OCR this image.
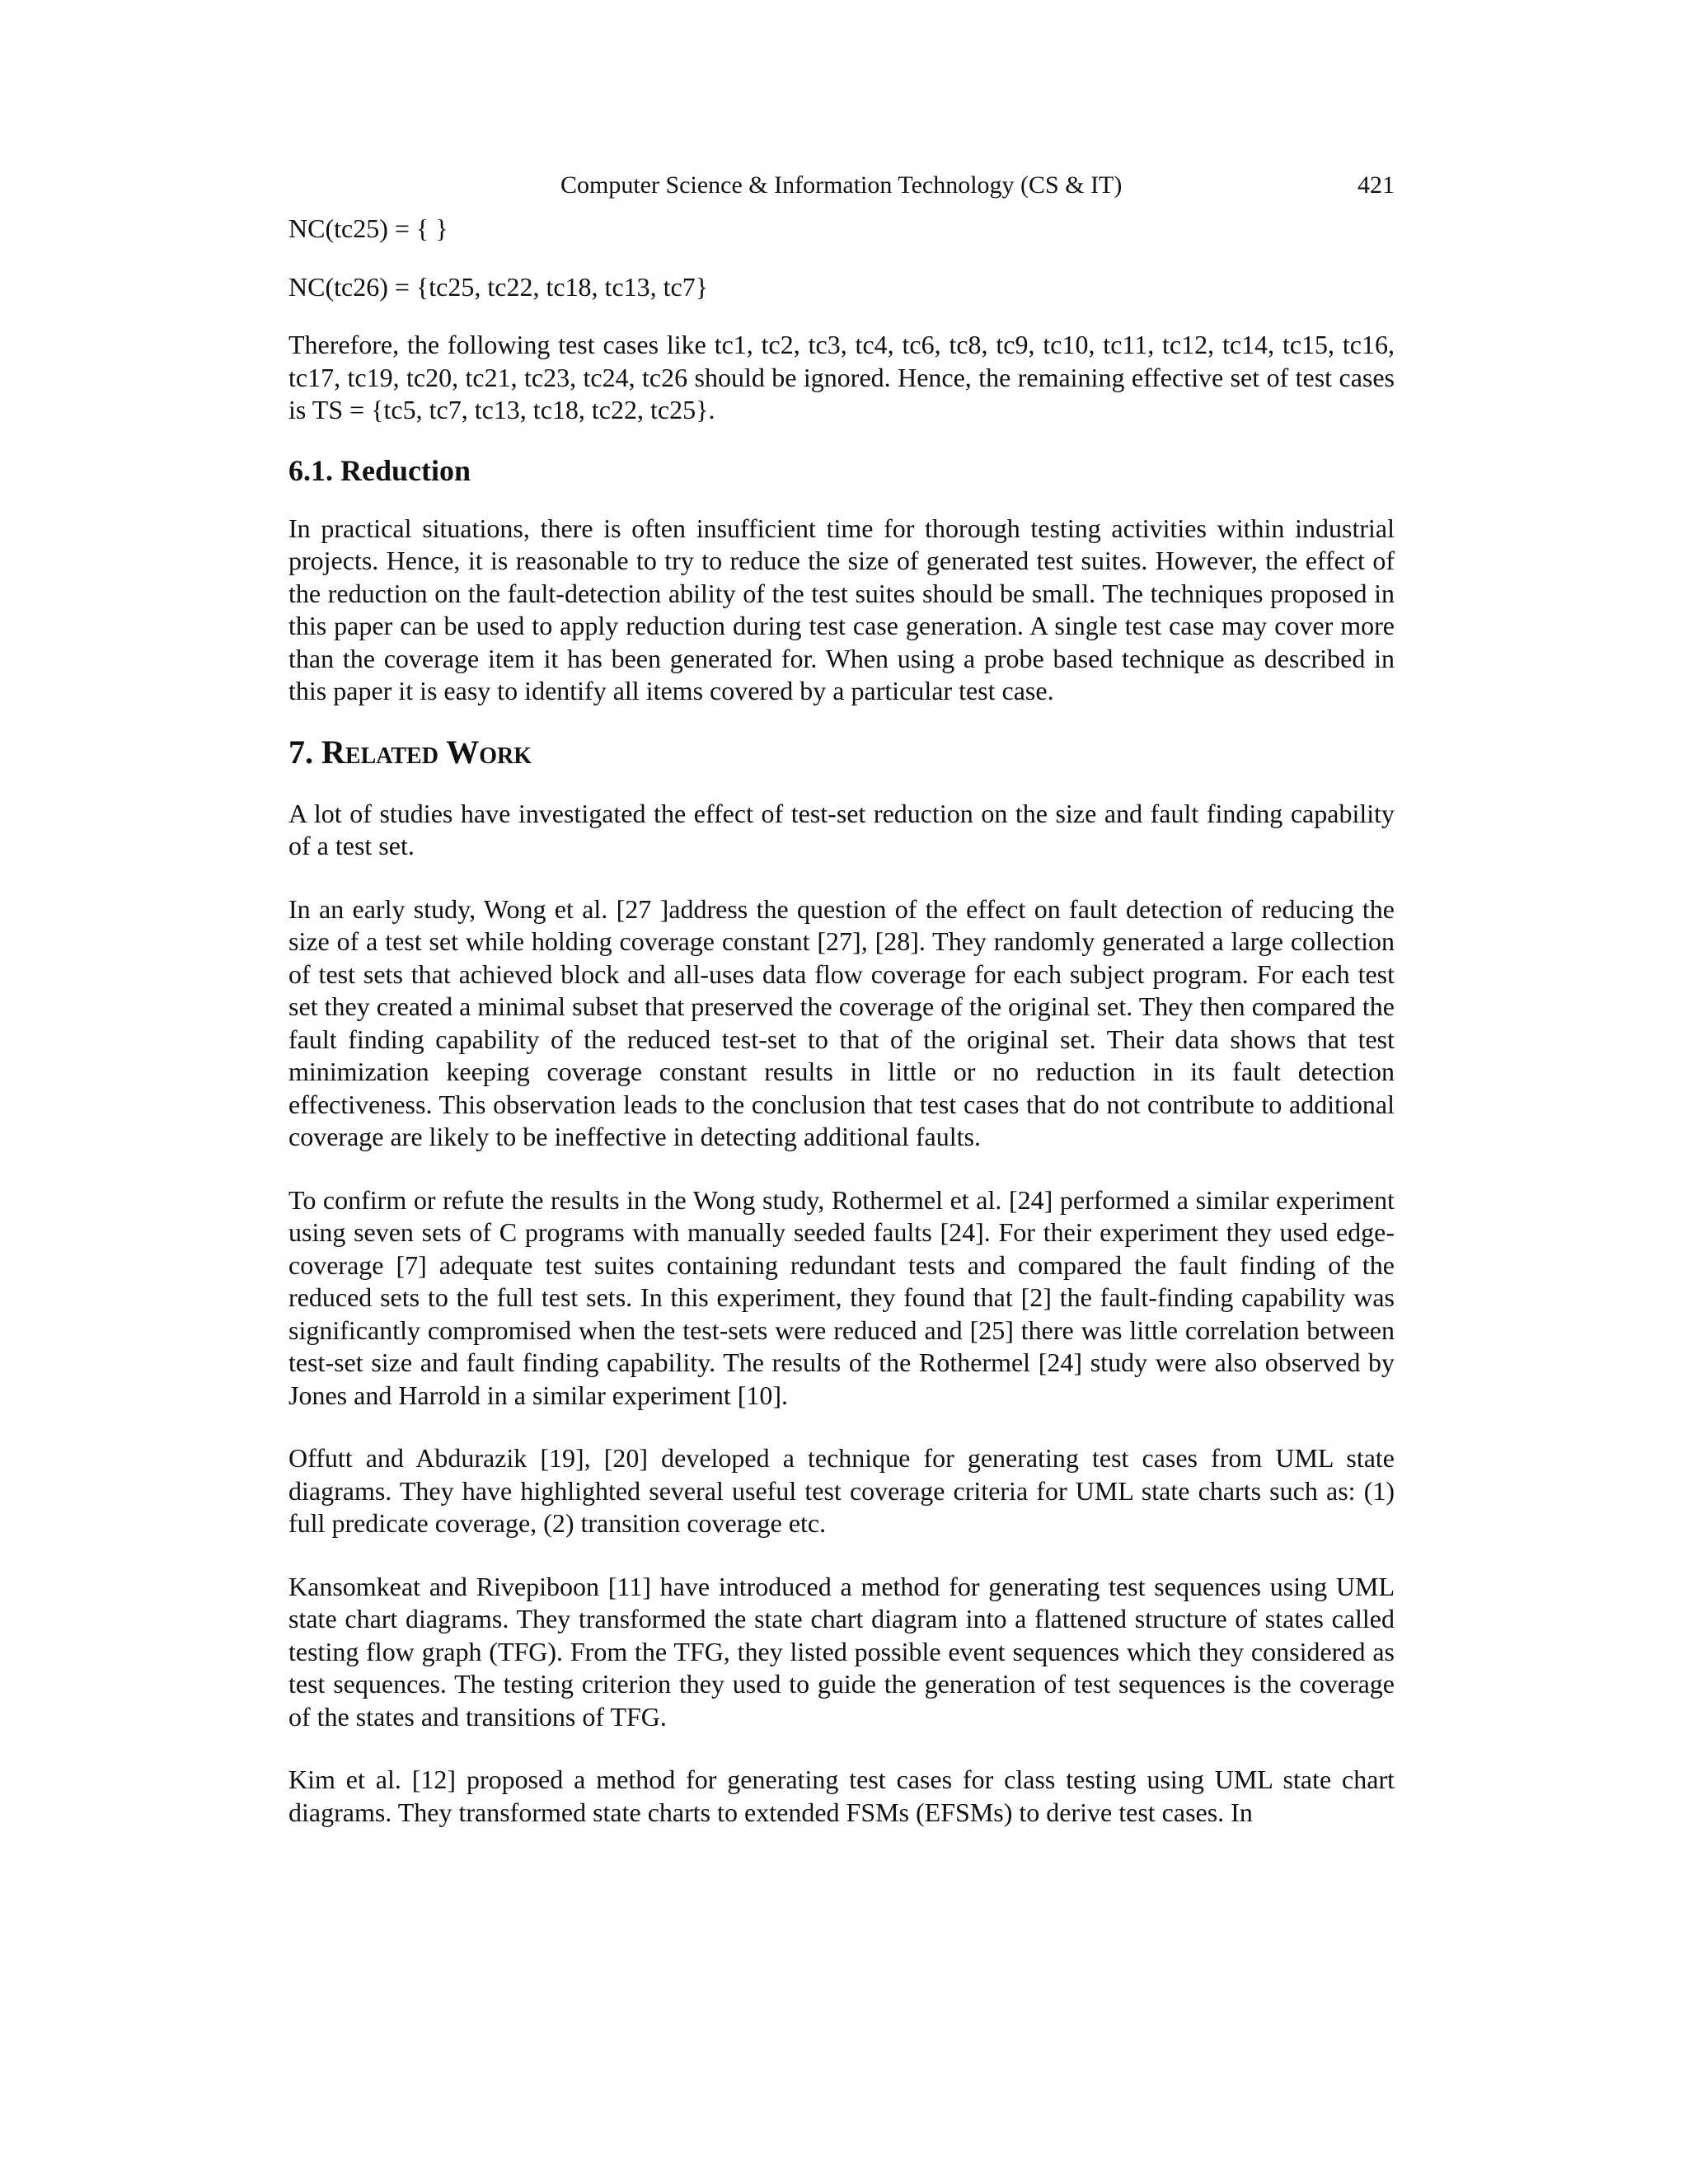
Computer Science & Information Technology (CS & IT)	421

NC(tc25) = { }

NC(tc26) = {tc25, tc22, tc18, tc13, tc7}

Therefore, the following test cases like tc1, tc2, tc3, tc4, tc6, tc8, tc9, tc10, tc11, tc12, tc14, tc15, tc16, tc17, tc19, tc20, tc21, tc23, tc24, tc26 should be ignored. Hence, the remaining effective set of test cases is TS = {tc5, tc7, tc13, tc18, tc22, tc25}.

6.1. Reduction

In practical situations, there is often insufficient time for thorough testing activities within industrial projects. Hence, it is reasonable to try to reduce the size of generated test suites. However, the effect of the reduction on the fault-detection ability of the test suites should be small. The techniques proposed in this paper can be used to apply reduction during test case generation. A single test case may cover more than the coverage item it has been generated for. When using a probe based technique as described in this paper it is easy to identify all items covered by a particular test case.

7. Related Work

A lot of studies have investigated the effect of test-set reduction on the size and fault finding capability of a test set.

In an early study, Wong et al. [27 ]address the question of the effect on fault detection of reducing the size of a test set while holding coverage constant [27], [28]. They randomly generated a large collection of test sets that achieved block and all-uses data flow coverage for each subject program. For each test set they created a minimal subset that preserved the coverage of the original set. They then compared the fault finding capability of the reduced test-set to that of the original set. Their data shows that test minimization keeping coverage constant results in little or no reduction in its fault detection effectiveness. This observation leads to the conclusion that test cases that do not contribute to additional coverage are likely to be ineffective in detecting additional faults.

To confirm or refute the results in the Wong study, Rothermel et al. [24] performed a similar experiment using seven sets of C programs with manually seeded faults [24]. For their experiment they used edge-coverage [7] adequate test suites containing redundant tests and compared the fault finding of the reduced sets to the full test sets. In this experiment, they found that [2] the fault-finding capability was significantly compromised when the test-sets were reduced and [25] there was little correlation between test-set size and fault finding capability. The results of the Rothermel [24] study were also observed by Jones and Harrold in a similar experiment [10].

Offutt and Abdurazik [19], [20] developed a technique for generating test cases from UML state diagrams. They have highlighted several useful test coverage criteria for UML state charts such as: (1) full predicate coverage, (2) transition coverage etc.

Kansomkeat and Rivepiboon [11] have introduced a method for generating test sequences using UML state chart diagrams. They transformed the state chart diagram into a flattened structure of states called testing flow graph (TFG). From the TFG, they listed possible event sequences which they considered as test sequences. The testing criterion they used to guide the generation of test sequences is the coverage of the states and transitions of TFG.

Kim et al. [12] proposed a method for generating test cases for class testing using UML state chart diagrams. They transformed state charts to extended FSMs (EFSMs) to derive test cases. In
